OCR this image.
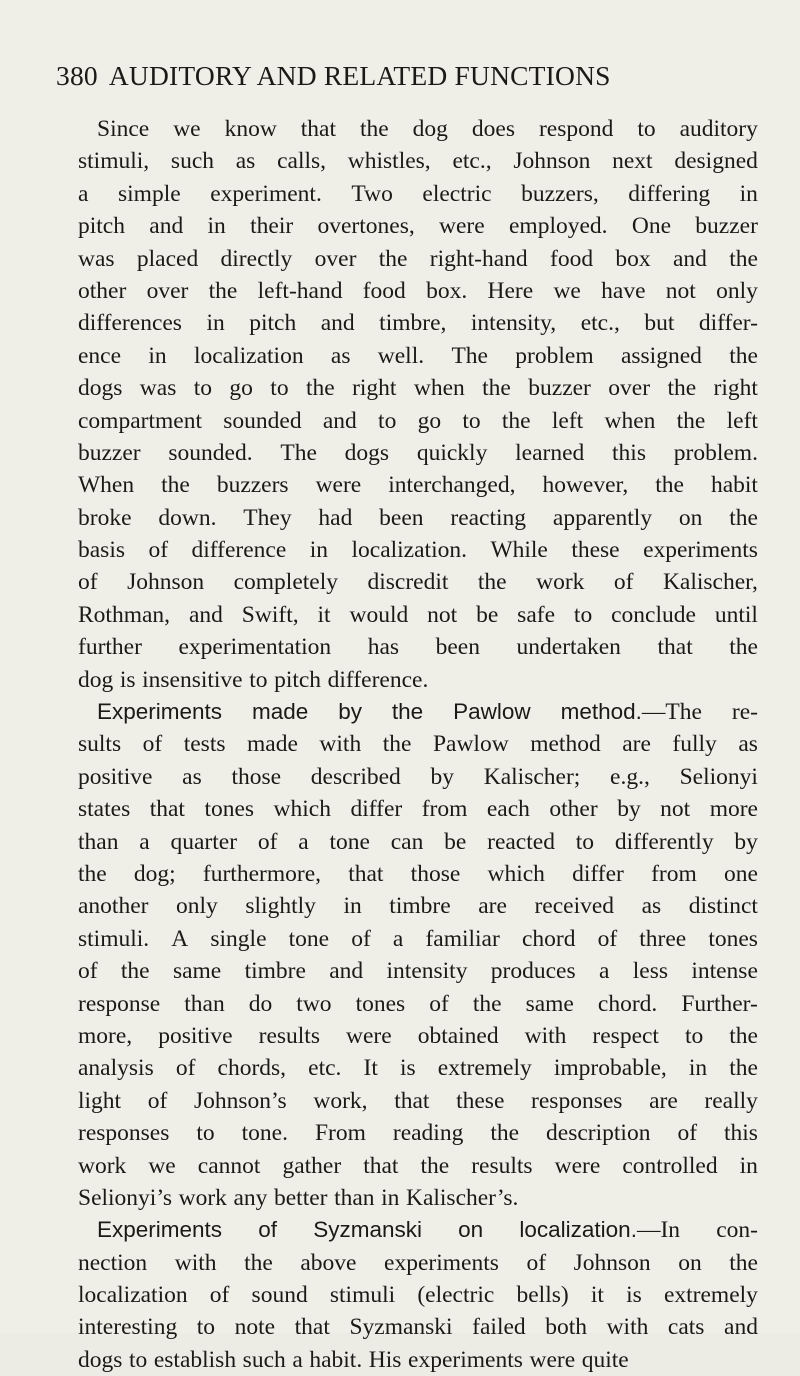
380 AUDITORY AND RELATED FUNCTIONS
Since we know that the dog does respond to auditory
stimuli, such as calls, whistles, etc., Johnson next designed
a simple experiment. Two electric buzzers, differing in
pitch and in their overtones, were employed. One buzzer
was placed directly over the right-hand food box and the
other over the left-hand food box. Here we have not only
differences in pitch and timbre, intensity, etc., but differ-
ence in localization as well. The problem assigned the
dogs was to go to the right when the buzzer over the right
compartment sounded and to go to the left when the left
buzzer sounded. The dogs quickly learned this problem.
When the buzzers were interchanged, however, the habit
broke down. They had been reacting apparently on the
basis of difference in localization. While these experiments
of Johnson completely discredit the work of Kalischer,
Rothman, and Swift, it would not be safe to conclude until
further experimentation has been undertaken that the
dog is insensitive to pitch difference.
Experiments made by the Pawlow method.—The re-
sults of tests made with the Pawlow method are fully as
positive as those described by Kalischer; e.g., Selionyi
states that tones which differ from each other by not more
than a quarter of a tone can be reacted to differently by
the dog; furthermore, that those which differ from one
another only slightly in timbre are received as distinct
stimuli. A single tone of a familiar chord of three tones
of the same timbre and intensity produces a less intense
response than do two tones of the same chord. Further-
more, positive results were obtained with respect to the
analysis of chords, etc. It is extremely improbable, in the
light of Johnson’s work, that these responses are really
responses to tone. From reading the description of this
work we cannot gather that the results were controlled in
Selionyi’s work any better than in Kalischer’s.
Experiments of Syzmanski on localization.—In con-
nection with the above experiments of Johnson on the
localization of sound stimuli (electric bells) it is extremely
interesting to note that Syzmanski failed both with cats and
dogs to establish such a habit. His experiments were quite
